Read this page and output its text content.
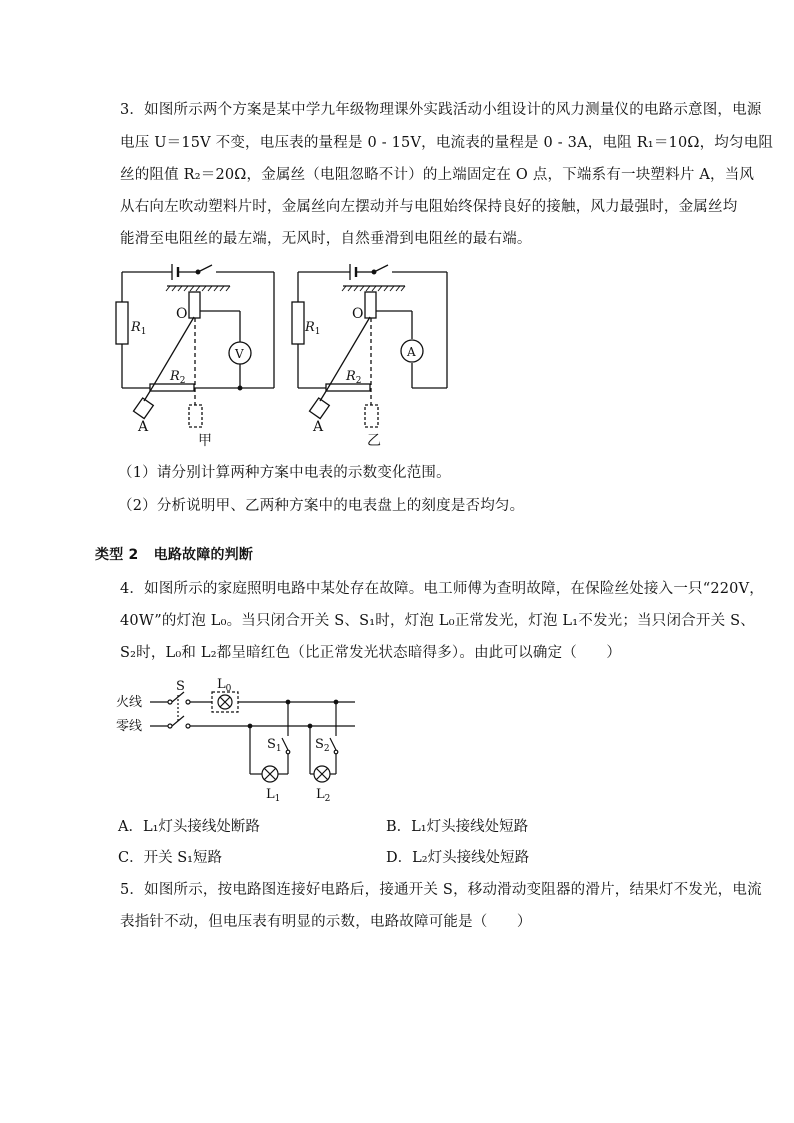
3．如图所示两个方案是某中学九年级物理课外实践活动小组设计的风力测量仪的电路示意图，电源
电压 U＝15V 不变，电压表的量程是 0 - 15V，电流表的量程是 0 - 3A，电阻 R₁＝10Ω，均匀电阻
丝的阻值 R₂＝20Ω，金属丝（电阻忽略不计）的上端固定在 O 点，下端系有一块塑料片 A，当风
从右向左吹动塑料片时，金属丝向左摆动并与电阻始终保持良好的接触，风力最强时，金属丝均
能滑至电阻丝的最左端，无风时，自然垂滑到电阻丝的最右端。
$R_1$
O
V
$R_2$
A
甲
$R_1$
O
A
$R_2$
A
乙
（1）请分别计算两种方案中电表的示数变化范围。
（2）分析说明甲、乙两种方案中的电表盘上的刻度是否均匀。
类型 2 电路故障的判断
4．如图所示的家庭照明电路中某处存在故障。电工师傅为查明故障，在保险丝处接入一只“220V，
40W”的灯泡 L₀。当只闭合开关 S、S₁时，灯泡 L₀正常发光，灯泡 L₁不发光；当只闭合开关 S、
S₂时，L₀和 L₂都呈暗红色（比正常发光状态暗得多）。由此可以确定（　　）
火线
零线
S $L_0$
$S_1$	$S_2$
$L_1$	$L_2$
A．L₁灯头接线处断路	B．L₁灯头接线处短路
C．开关 S₁短路	D．L₂灯头接线处短路
5．如图所示，按电路图连接好电路后，接通开关 S，移动滑动变阻器的滑片，结果灯不发光，电流
表指针不动，但电压表有明显的示数，电路故障可能是（　　）
